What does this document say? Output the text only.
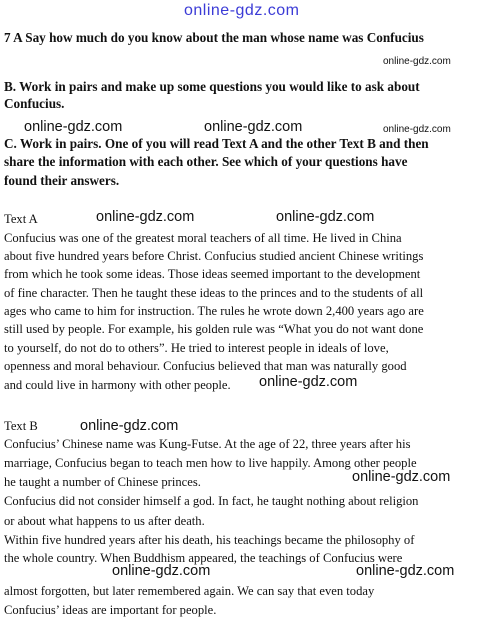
online-gdz.com
7 A Say how much do you know about the man whose name was Confucius
online-gdz.com
B. Work in pairs and make up some questions you would like to ask about
Confucius.
online-gdz.com	online-gdz.com	online-gdz.com
C. Work in pairs. One of you will read Text A and the other Text B and then
share the information with each other. See which of your questions have
found their answers.
Text A	online-gdz.com	online-gdz.com
Confucius was one of the greatest moral teachers of all time. He lived in China
about five hundred years before Christ. Confucius studied ancient Chinese writings
from which he took some ideas. Those ideas seemed important to the development
of fine character. Then he taught these ideas to the princes and to the students of all
ages who came to him for instruction. The rules he wrote down 2,400 years ago are
still used by people. For example, his golden rule was “What you do not want done
to yourself, do not do to others”. He tried to interest people in ideals of love,
openness and moral behaviour. Confucius believed that man was naturally good
and could live in harmony with other people. online-gdz.com
Text B	online-gdz.com
Confucius’ Chinese name was Kung-Futse. At the age of 22, three years after his
marriage, Confucius began to teach men how to live happily. Among other people
he taught a number of Chinese princes.	online-gdz.com
Confucius did not consider himself a god. In fact, he taught nothing about religion
or about what happens to us after death.
Within five hundred years after his death, his teachings became the philosophy of
the whole country. When Buddhism appeared, the teachings of Confucius were
online-gdz.com	online-gdz.com
almost forgotten, but later remembered again. We can say that even today
Confucius’ ideas are important for people.
